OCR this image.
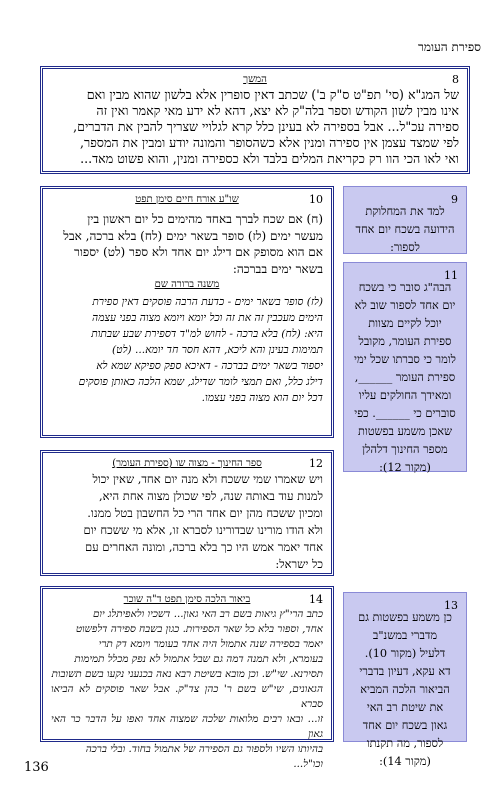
ספירת העומר
8
המשך
של המג"א (סי' תפ"ט ס"ק ב') שכתב דאין סופרין אלא בלשון שהוא מבין ואם
אינו מבין לשון הקודש וספר בלה"ק לא יצא, דהא לא ידע מאי קאמר ואין זה
ספירה עכ"ל... אבל בספירה לא בעינן כלל קרא לגלויי שצריך להבין את הדברים,
לפי שמצד עצמן אין ספירה ומנין אלא כשהסופר והמונה יודע ומבין את המספר,
ואי לאו הכי הוו רק כקריאת המלים בלבד ולא כספירה ומנין, והוא פשוט מאד...
10
שו"ע אורח חיים סימן תפט
(ח) אם שכח לברך באחד מהימים כל יום ראשון בין
מעשר ימים (לז) סופר בשאר ימים (לח) בלא ברכה, אבל
אם הוא מסופק אם דילג יום אחד ולא ספר (לט) יספור
בשאר ימים בברכה:
משנה ברורה שם
(לז) סופר בשאר ימים - כדעת הרבה פוסקים דאין ספירת
הימים מעכבין זה את זה וכל יומא ויומא מצוה בפני עצמה
היא: (לח) בלא ברכה - לחוש למ"ד דספירת שבע שבתות
תמימות בעינן והא ליכא, דהא חסר חד יומא... (לט)
יספור בשאר ימים בברכה - דאיכא ספק ספיקא שמא לא
דילג כלל, ואם תמצי לומר שדילג, שמא הלכה כאותן פוסקים
דכל יום הוא מצוה בפני עצמו.
12
ספר החינוך - מצוה שו (ספירת העומר)
ויש שאמרו שמי ששכח ולא מנה יום אחד, שאין יכול
למנות עוד באותה שנה, לפי שכולן מצוה אחת היא,
ומכיון ששכח מהן יום אחד הרי כל החשבון בטל ממנו.
ולא הודו מורינו שבדורינו לסברא זו, אלא מי ששכח יום
אחד יאמר אמש היו כך בלא ברכה, ומונה האחרים עם
כל ישראל:
14
ביאור הלכה סימן תפט ד"ה שוכר
כתב הרי"ץ גיאות בשם רב האי גאון... דשכיו ולאפיתלג יום
אחד, וספור בלא כל שאר הספירות. כגון בשבח ספירה דלפשוט
יאמר בספירה שנה אתמול היה אחד בעומר ויומא דק תרי
בעומרא, ולא תמנה דמה גם שבל אתמול לא נפק מכלל תמימות
תסירנא. שי"ש. וכן מובא בשיטת רבא נאה בכנעני נקעו בשם תשובות
הגאונים, שי"ש בשם ר' כהן צד"ק. אבל שאר פוסקים לא הביאו סברא
זו... ובאו רבים מלואות שלכה שמצוה אחד ואפו על הדבר כר האי גאון
בהיותו השיו ולספור גם הספירה של אתמול בחוד. ובלי ברכה
וכו"ל...
9
למד את המחלוקת
הידועה בשכח יום אחד
לספור:
11
הבה"ג סובר כי בשכח
יום אחד לספור שוב לא
יוכל לקיים מצוות
ספירת העומר, מקובל
לומר כי סברתו שכל ימי
ספירת העומר ______,
ומאידך החולקים עליו
סוברים כי ______. כפי
שאכן משמע בפשטות
מספר החינוך דלהלן
(מקור 12):
13
כן משמע בפשטות גם
מדברי במשנ"ב
דלעיל (מקור 10).
דא עקא, דעיון בדברי
הביאור הלכה המביא
את שיטת רב האי
גאון בשכח יום אחד
לספור, מה תקנתו
(מקור 14):
136
